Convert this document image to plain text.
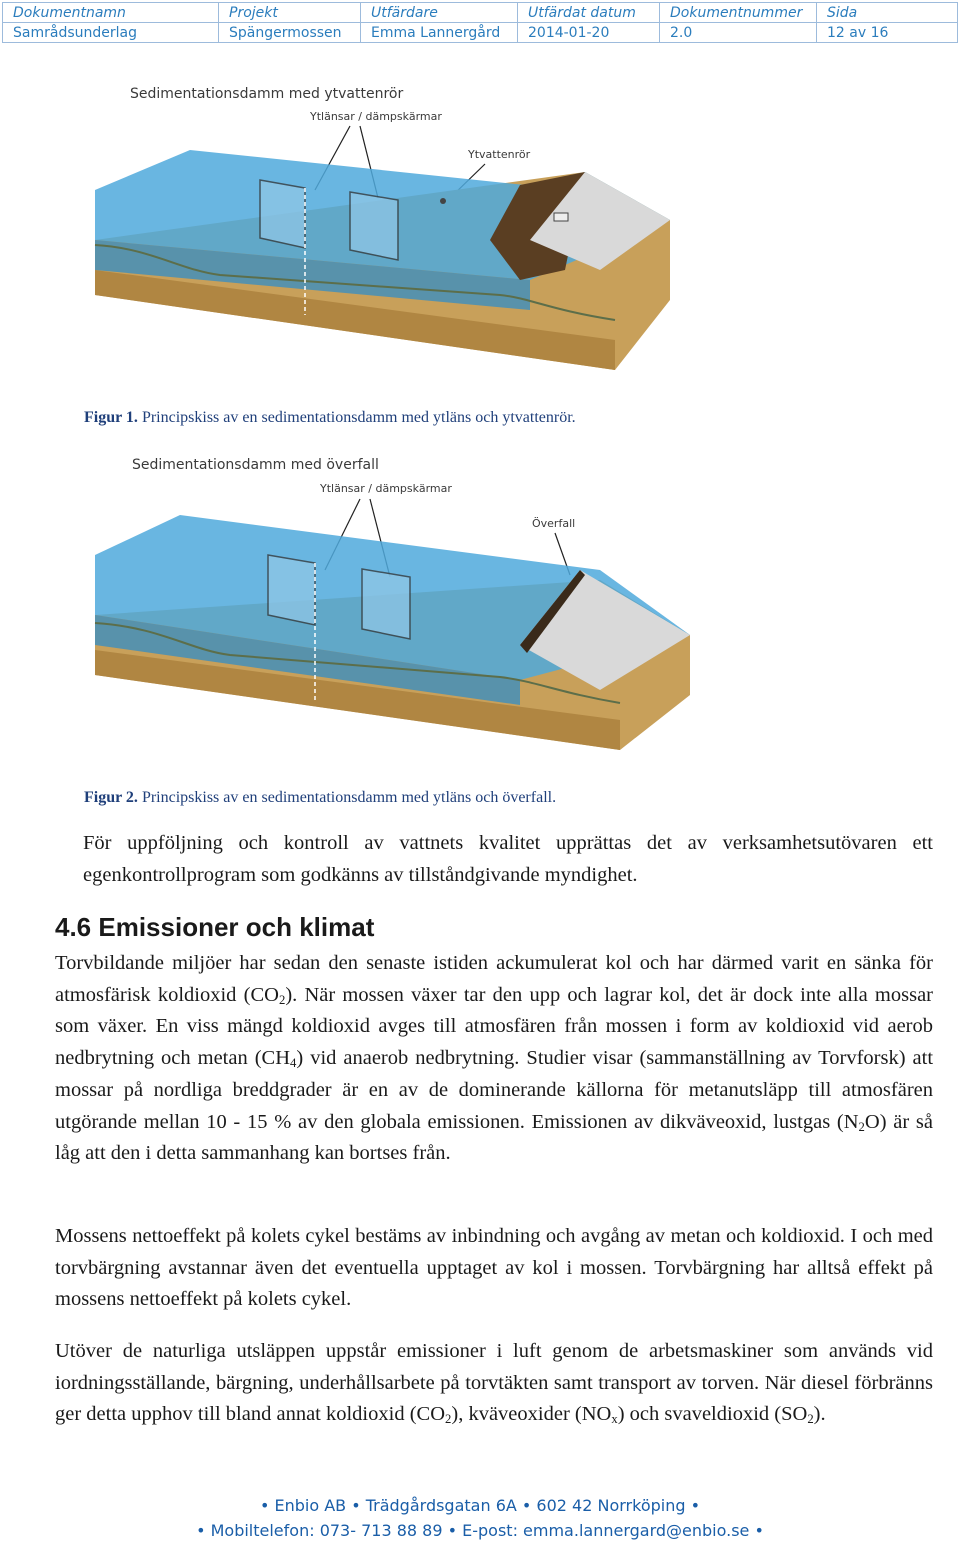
Dokumentnamn	Projekt	Utfärdare	Utfärdat datum	Dokumentnummer	Sida
Samrådsunderlag	Spängermossen	Emma Lannergård	2014-01-20	2.0	12 av 16
Sedimentationsdamm med ytvattenrör
Ytlänsar / dämpskärmar
Ytvattenrör
Figur 1. Principskiss av en sedimentationsdamm med ytläns och ytvattenrör.
Sedimentationsdamm med överfall
Ytlänsar / dämpskärmar
Överfall
Figur 2. Principskiss av en sedimentationsdamm med ytläns och överfall.
För uppföljning och kontroll av vattnets kvalitet upprättas det av verksamhetsutövaren ett egenkontrollprogram som godkänns av tillståndgivande myndighet.
4.6 Emissioner och klimat
Torvbildande miljöer har sedan den senaste istiden ackumulerat kol och har därmed varit en sänka för atmosfärisk koldioxid $(CO_2)$. När mossen växer tar den upp och lagrar kol, det är dock inte alla mossar som växer. En viss mängd koldioxid avges till atmosfären från mossen i form av koldioxid vid aerob nedbrytning och metan $(CH_4)$ vid anaerob nedbrytning. Studier visar (sammanställning av Torvforsk) att mossar på nordliga breddgrader är en av de dominerande källorna för metanutsläpp till atmosfären utgörande mellan 10 - 15 % av den globala emissionen. Emissionen av dikväveoxid, lustgas $(N_2O)$ är så låg att den i detta sammanhang kan bortses från.
Mossens nettoeffekt på kolets cykel bestäms av inbindning och avgång av metan och koldioxid. I och med torvbärgning avstannar även det eventuella upptaget av kol i mossen. Torvbärgning har alltså effekt på mossens nettoeffekt på kolets cykel.
Utöver de naturliga utsläppen uppstår emissioner i luft genom de arbetsmaskiner som används vid iordningsställande, bärgning, underhållsarbete på torvtäkten samt transport av torven. När diesel förbränns ger detta upphov till bland annat koldioxid $(CO_2)$, kväveoxider $(NO_x)$ och svaveldioxid $(SO_2)$.
• Enbio AB • Trädgårdsgatan 6A • 602 42 Norrköping •
• Mobiltelefon: 073- 713 88 89 • E-post: emma.lannergard@enbio.se •
